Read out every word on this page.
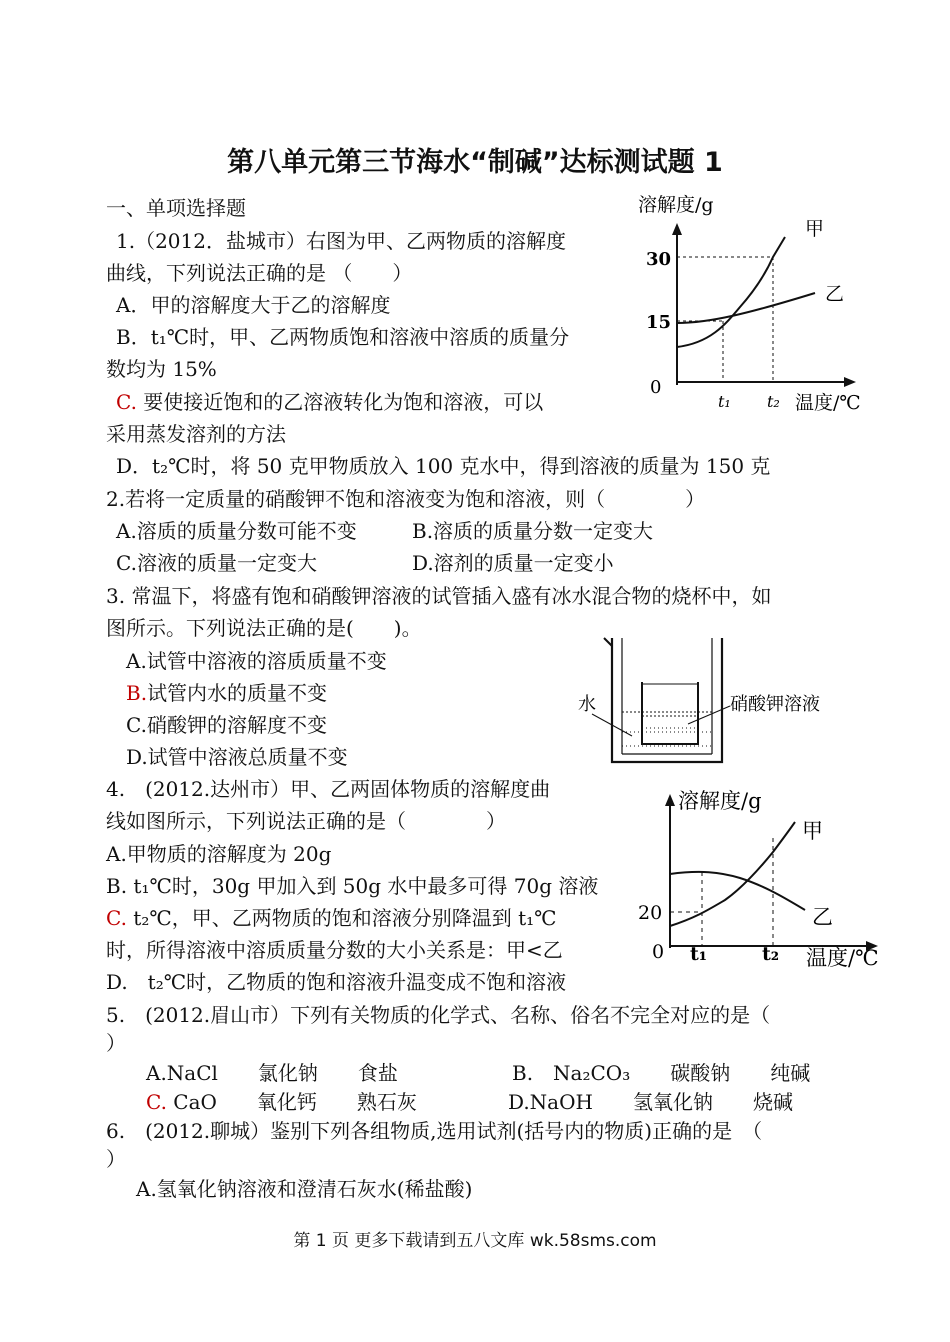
第八单元第三节海水“制碱”达标测试题 1
一、单项选择题
1.（2012．盐城市）右图为甲、乙两物质的溶解度
曲线，下列说法正确的是 （　　）
A．甲的溶解度大于乙的溶解度
B．t₁℃时，甲、乙两物质饱和溶液中溶质的质量分
数均为 15%
C. 要使接近饱和的乙溶液转化为饱和溶液，可以
采用蒸发溶剂的方法
D．t₂℃时，将 50 克甲物质放入 100 克水中，得到溶液的质量为 150 克
溶解度/g
30
15
0
t₁ t₂ 温度/℃
甲
乙
2.若将一定质量的硝酸钾不饱和溶液变为饱和溶液，则（　　　　）
A.溶质的质量分数可能不变	B.溶质的质量分数一定变大
C.溶液的质量一定变大	D.溶剂的质量一定变小
3. 常温下，将盛有饱和硝酸钾溶液的试管插入盛有冰水混合物的烧杯中，如
图所示。下列说法正确的是(　　)。
A.试管中溶液的溶质质量不变
B.试管内水的质量不变
C.硝酸钾的溶解度不变
D.试管中溶液总质量不变
水	硝酸钾溶液
4.　(2012.达州市）甲、乙两固体物质的溶解度曲
线如图所示，下列说法正确的是（　　　　）
A.甲物质的溶解度为 20g
B. t₁℃时，30g 甲加入到 50g 水中最多可得 70g 溶液
C. t₂℃，甲、乙两物质的饱和溶液分别降温到 t₁℃
时，所得溶液中溶质质量分数的大小关系是：甲<乙
D.　t₂℃时，乙物质的饱和溶液升温变成不饱和溶液
溶解度/g
20
0 t₁	t₂ 温度/℃
甲
乙
5.　(2012.眉山市）下列有关物质的化学式、名称、俗名不完全对应的是（
）
A.NaCl　　氯化钠　　食盐	B.　Na₂CO₃　　碳酸钠　　纯碱
C. CaO　　氧化钙　　熟石灰	D.NaOH　　氢氧化钠　　烧碱
6.　(2012.聊城）鉴别下列各组物质,选用试剂(括号内的物质)正确的是　（
）
A.氢氧化钠溶液和澄清石灰水(稀盐酸)
第 1 页 更多下载请到五八文库 wk.58sms.com
